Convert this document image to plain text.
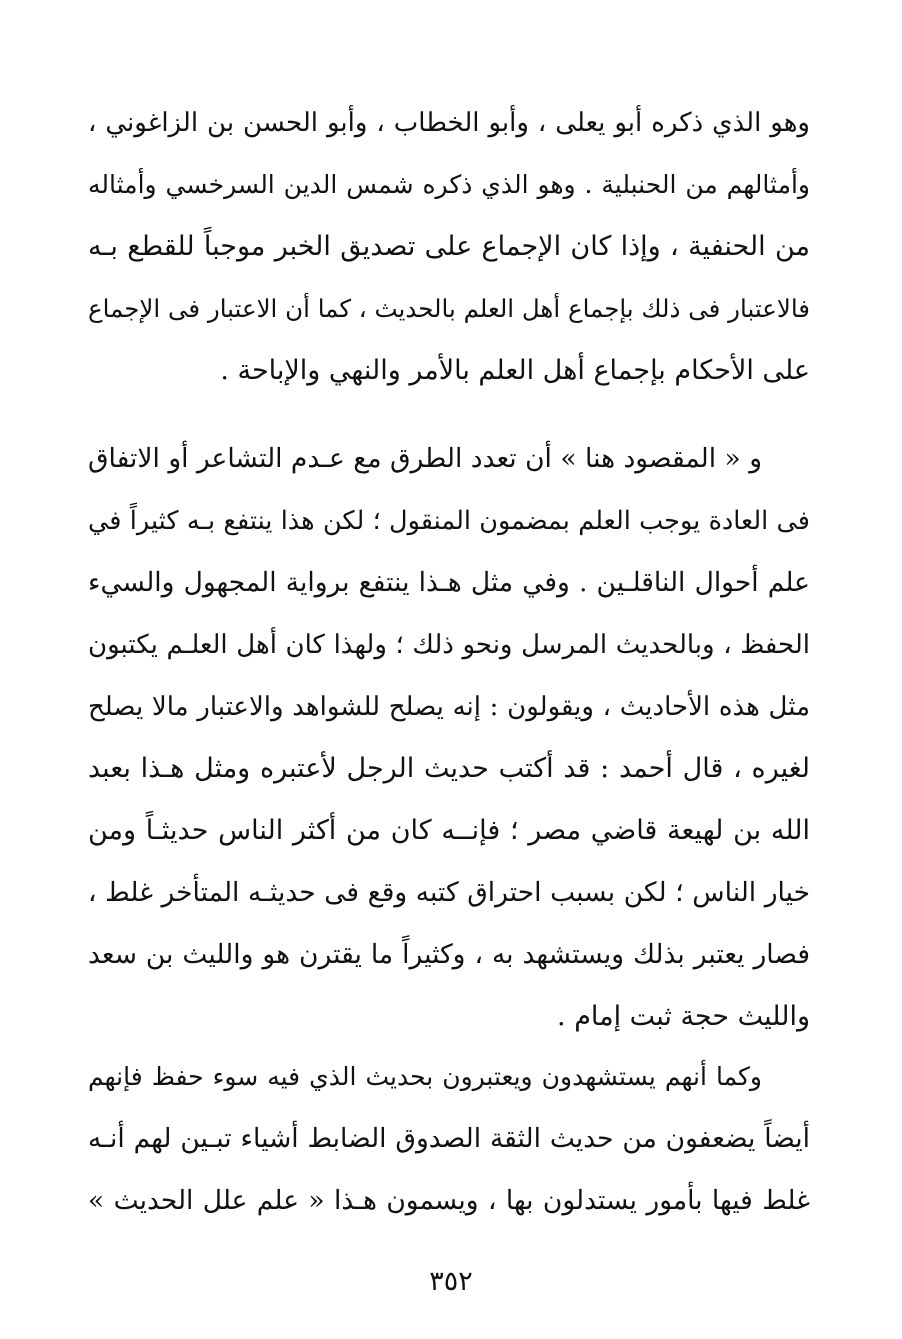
وهو الذي ذكره أبو يعلى ، وأبو الخطاب ، وأبو الحسن بن الزاغوني ،
وأمثالهم من الحنبلية . وهو الذي ذكره شمس الدين السرخسي وأمثاله
من الحنفية ، وإذا كان الإجماع على تصديق الخبر موجباً للقطع بـه
فالاعتبار فى ذلك بإجماع أهل العلم بالحديث ، كما أن الاعتبار فى الإجماع
على الأحكام بإجماع أهل العلم بالأمر والنهي والإباحة .
و « المقصود هنا » أن تعدد الطرق مع عـدم التشاعر أو الاتفاق
فى العادة يوجب العلم بمضمون المنقول ؛ لكن هذا ينتفع بـه كثيراً في
علم أحوال الناقلـين . وفي مثل هـذا ينتفع برواية المجهول والسيء
الحفظ ، وبالحديث المرسل ونحو ذلك ؛ ولهذا كان أهل العلـم يكتبون
مثل هذه الأحاديث ، ويقولون : إنه يصلح للشواهد والاعتبار مالا يصلح
لغيره ، قال أحمد : قد أكتب حديث الرجل لأعتبره ومثل هـذا بعبد
الله بن لهيعة قاضي مصر ؛ فإنــه كان من أكثر الناس حديثـاً ومن
خيار الناس ؛ لكن بسبب احتراق كتبه وقع فى حديثـه المتأخر غلط ،
فصار يعتبر بذلك ويستشهد به ، وكثيراً ما يقترن هو والليث بن سعد
والليث حجة ثبت إمام .
وكما أنهم يستشهدون ويعتبرون بحديث الذي فيه سوء حفظ فإنهم
أيضاً يضعفون من حديث الثقة الصدوق الضابط أشياء تبـين لهم أنـه
غلط فيها بأمور يستدلون بها ، ويسمون هـذا « علم علل الحديث »
٣٥٢
